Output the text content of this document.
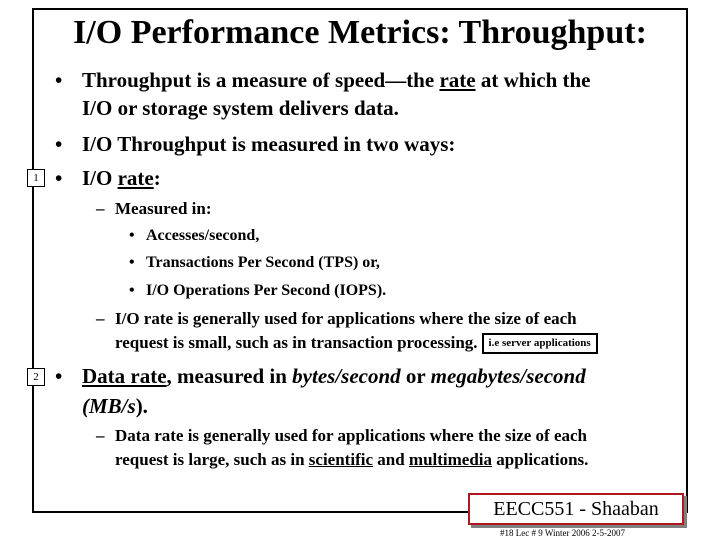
I/O Performance Metrics: Throughput:
• Throughput is a measure of speed—the rate at which the
I/O or storage system delivers data.
• I/O Throughput is measured in two ways:
1 • I/O rate:
– Measured in:
• Accesses/second,
• Transactions Per Second (TPS) or,
• I/O Operations Per Second (IOPS).
– I/O rate is generally used for applications where the size of each
request is small, such as in transaction processing. i.e server applications
2 • Data rate, measured in bytes/second or megabytes/second
(MB/s).
– Data rate is generally used for applications where the size of each
request is large, such as in scientific and multimedia applications.
EECC551 - Shaaban
#18 Lec # 9 Winter 2006 2-5-2007
